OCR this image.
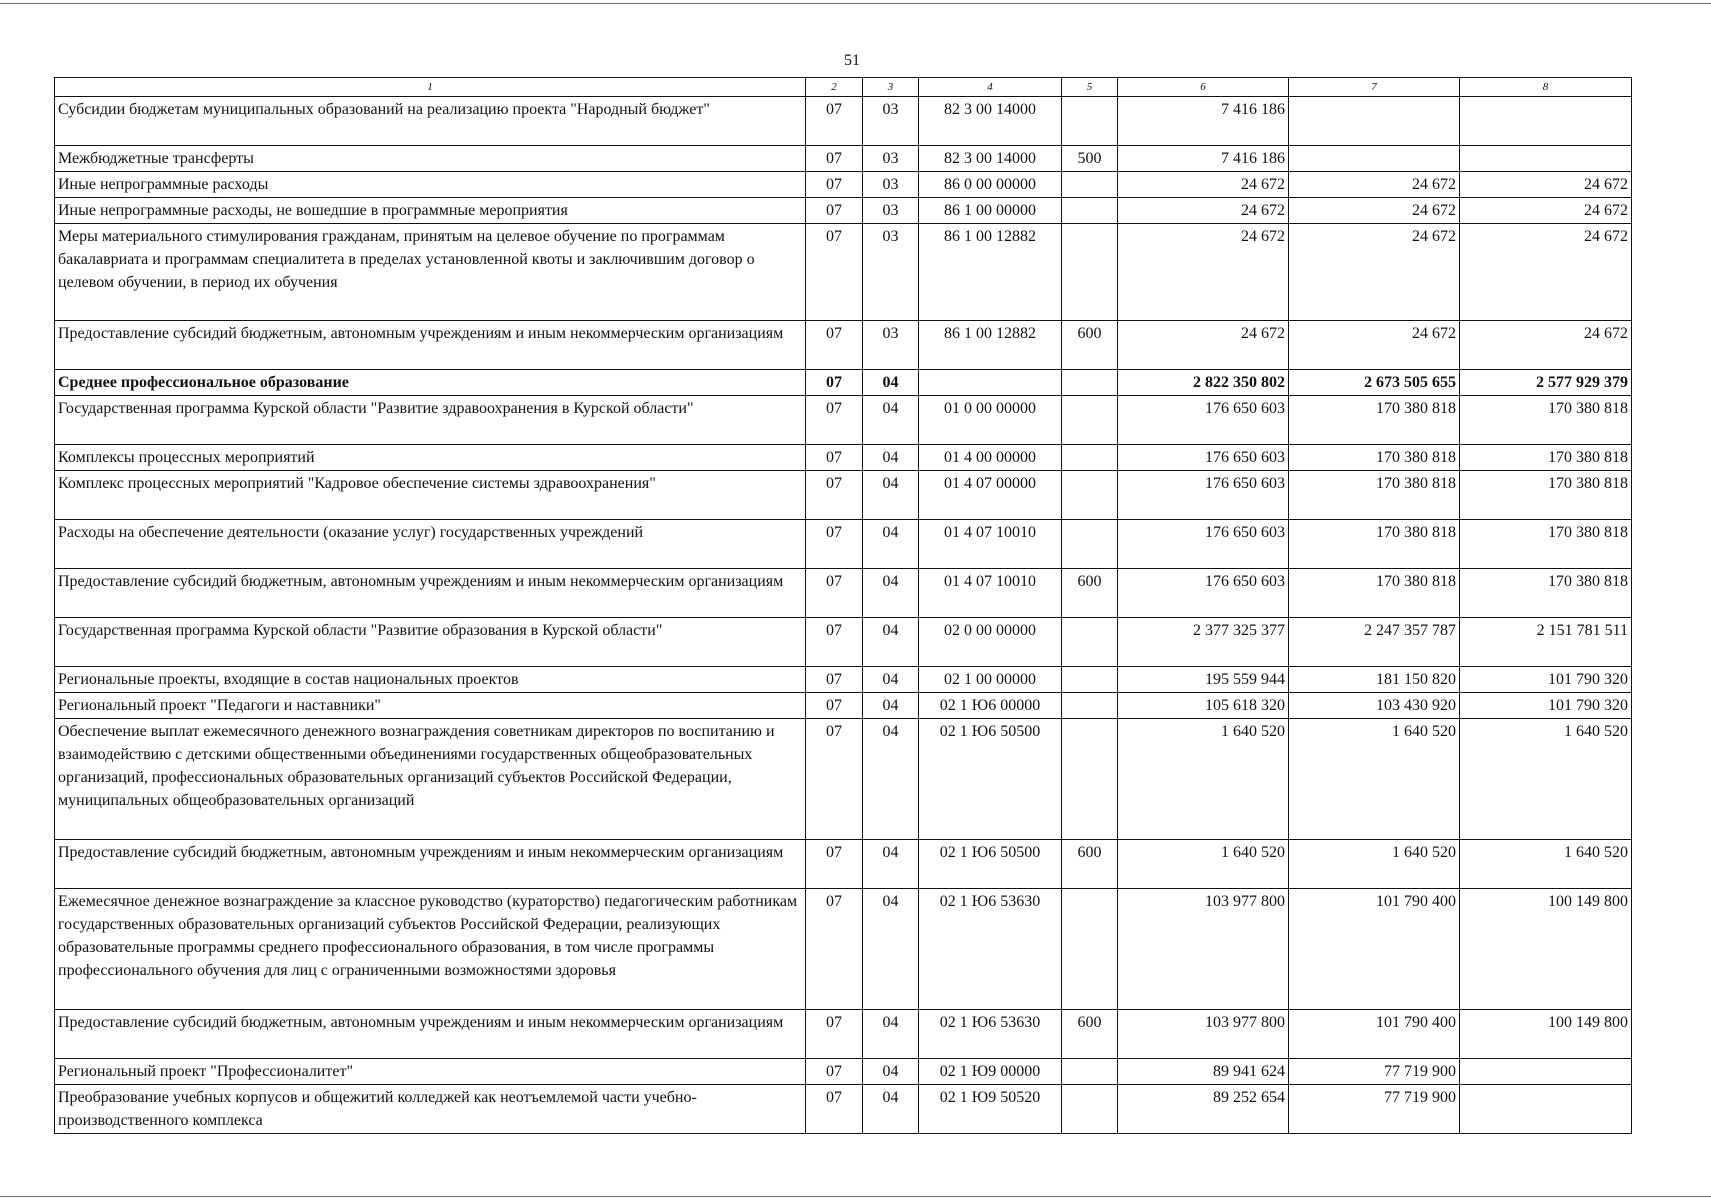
51
1	2	3	4	5	6	7	8
Субсидии бюджетам муниципальных образований на реализацию проекта "Народный бюджет"	07	03	82 3 00 14000		7 416 186		
Межбюджетные трансферты	07	03	82 3 00 14000	500	7 416 186		
Иные непрограммные расходы	07	03	86 0 00 00000		24 672	24 672	24 672
Иные непрограммные расходы, не вошедшие в программные мероприятия	07	03	86 1 00 00000		24 672	24 672	24 672
Меры материального стимулирования гражданам, принятым на целевое обучение по программам бакалавриата и программам специалитета в пределах установленной квоты и заключившим договор о целевом обучении, в период их обучения	07	03	86 1 00 12882		24 672	24 672	24 672
Предоставление субсидий бюджетным, автономным учреждениям и иным некоммерческим организациям	07	03	86 1 00 12882	600	24 672	24 672	24 672
Среднее профессиональное образование	07	04			2 822 350 802	2 673 505 655	2 577 929 379
Государственная программа Курской области "Развитие здравоохранения в Курской области"	07	04	01 0 00 00000		176 650 603	170 380 818	170 380 818
Комплексы процессных мероприятий	07	04	01 4 00 00000		176 650 603	170 380 818	170 380 818
Комплекс процессных мероприятий "Кадровое обеспечение системы здравоохранения"	07	04	01 4 07 00000		176 650 603	170 380 818	170 380 818
Расходы на обеспечение деятельности (оказание услуг) государственных учреждений	07	04	01 4 07 10010		176 650 603	170 380 818	170 380 818
Предоставление субсидий бюджетным, автономным учреждениям и иным некоммерческим организациям	07	04	01 4 07 10010	600	176 650 603	170 380 818	170 380 818
Государственная программа Курской области "Развитие образования в Курской области"	07	04	02 0 00 00000		2 377 325 377	2 247 357 787	2 151 781 511
Региональные проекты, входящие в состав национальных проектов	07	04	02 1 00 00000		195 559 944	181 150 820	101 790 320
Региональный проект "Педагоги и наставники"	07	04	02 1 Ю6 00000		105 618 320	103 430 920	101 790 320
Обеспечение выплат ежемесячного денежного вознаграждения советникам директоров по воспитанию и взаимодействию с детскими общественными объединениями государственных общеобразовательных организаций, профессиональных образовательных организаций субъектов Российской Федерации, муниципальных общеобразовательных организаций	07	04	02 1 Ю6 50500		1 640 520	1 640 520	1 640 520
Предоставление субсидий бюджетным, автономным учреждениям и иным некоммерческим организациям	07	04	02 1 Ю6 50500	600	1 640 520	1 640 520	1 640 520
Ежемесячное денежное вознаграждение за классное руководство (кураторство) педагогическим работникам государственных образовательных организаций субъектов Российской Федерации, реализующих образовательные программы среднего профессионального образования, в том числе программы профессионального обучения для лиц с ограниченными возможностями здоровья	07	04	02 1 Ю6 53630		103 977 800	101 790 400	100 149 800
Предоставление субсидий бюджетным, автономным учреждениям и иным некоммерческим организациям	07	04	02 1 Ю6 53630	600	103 977 800	101 790 400	100 149 800
Региональный проект "Профессионалитет"	07	04	02 1 Ю9 00000		89 941 624	77 719 900	
Преобразование учебных корпусов и общежитий колледжей как неотъемлемой части учебно-производственного комплекса	07	04	02 1 Ю9 50520		89 252 654	77 719 900	
